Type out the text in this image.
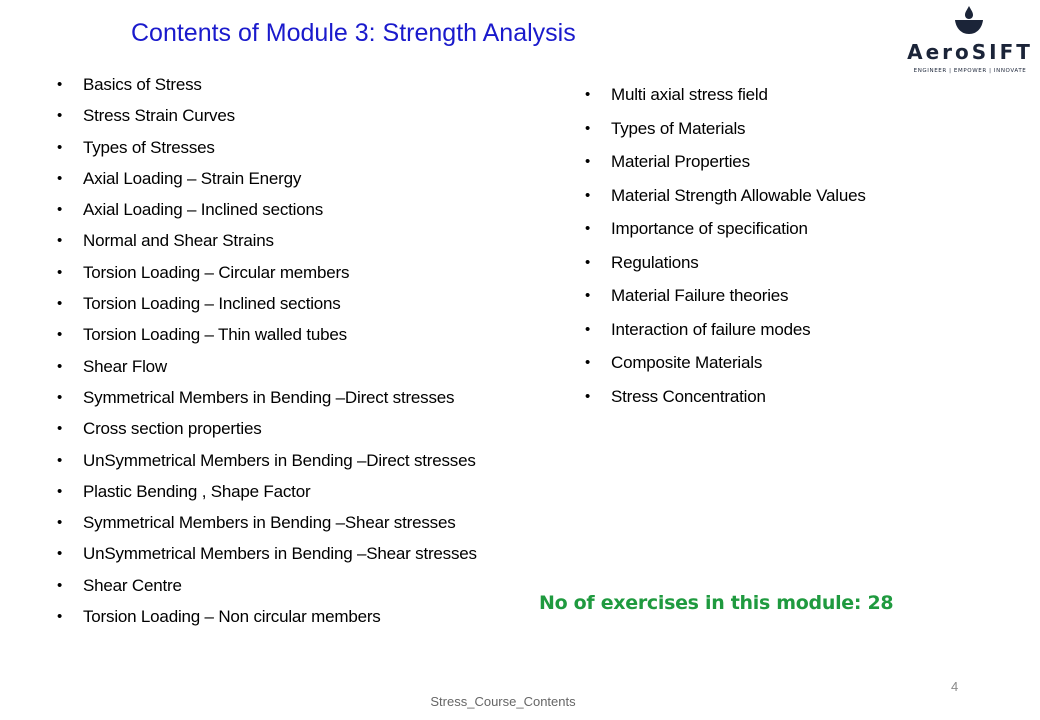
Contents of Module 3: Strength Analysis
AeroSIFT
ENGINEER | EMPOWER | INNOVATE
• Basics of Stress
• Stress Strain Curves
• Types of Stresses
• Axial Loading – Strain Energy
• Axial Loading – Inclined sections
• Normal and Shear Strains
• Torsion Loading – Circular members
• Torsion Loading – Inclined sections
• Torsion Loading – Thin walled tubes
• Shear Flow
• Symmetrical Members in Bending –Direct stresses
• Cross section properties
• UnSymmetrical Members in Bending –Direct stresses
• Plastic Bending , Shape Factor
• Symmetrical Members in Bending –Shear stresses
• UnSymmetrical Members in Bending –Shear stresses
• Shear Centre
• Torsion Loading – Non circular members
• Multi axial stress field
• Types of Materials
• Material Properties
• Material Strength Allowable Values
• Importance of specification
• Regulations
• Material Failure theories
• Interaction of failure modes
• Composite Materials
• Stress Concentration
No of exercises in this module: 28
4
Stress_Course_Contents
